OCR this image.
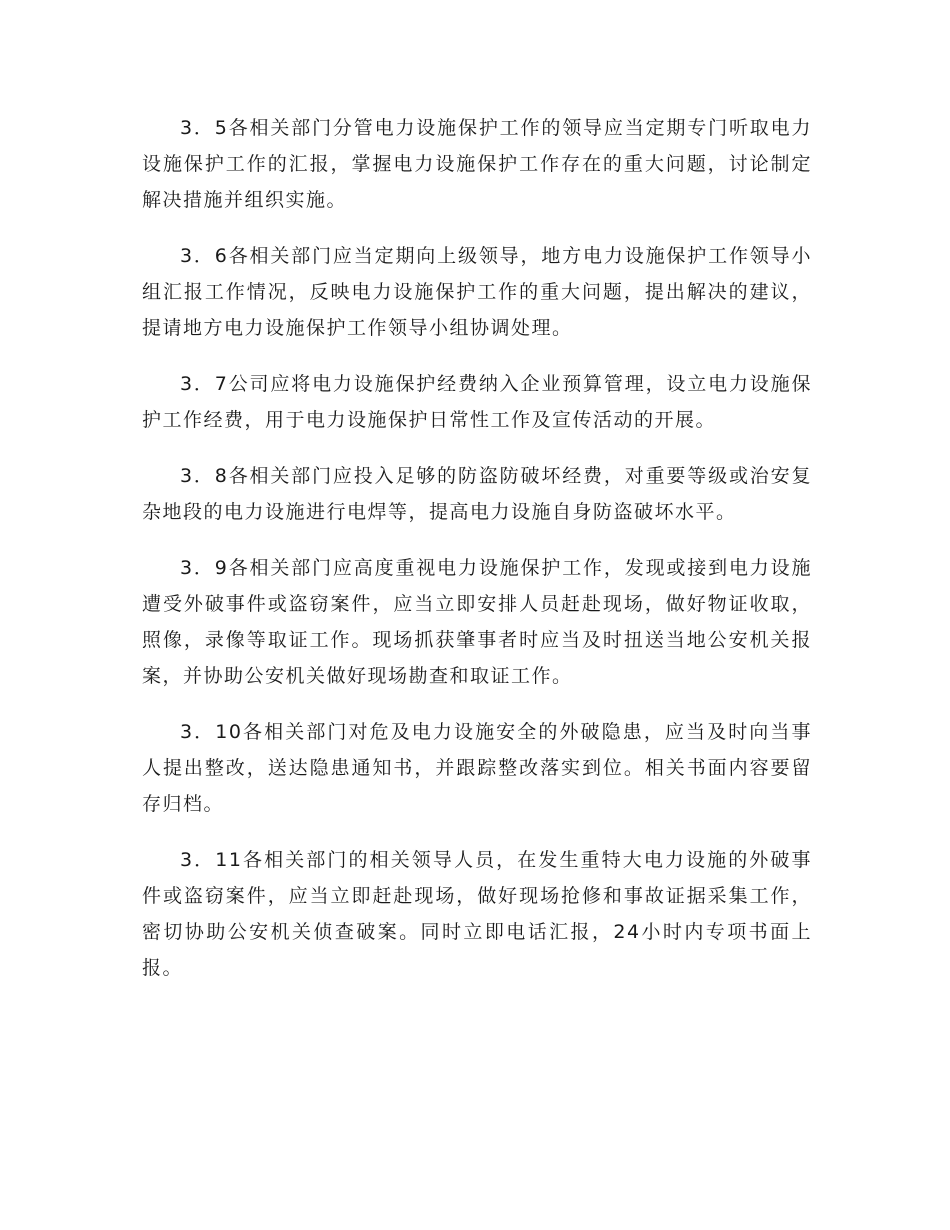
3．5各相关部门分管电力设施保护工作的领导应当定期专门听取电力设施保护工作的汇报，掌握电力设施保护工作存在的重大问题，讨论制定解决措施并组织实施。

3．6各相关部门应当定期向上级领导，地方电力设施保护工作领导小组汇报工作情况，反映电力设施保护工作的重大问题，提出解决的建议，提请地方电力设施保护工作领导小组协调处理。

3．7公司应将电力设施保护经费纳入企业预算管理，设立电力设施保护工作经费，用于电力设施保护日常性工作及宣传活动的开展。

3．8各相关部门应投入足够的防盗防破坏经费，对重要等级或治安复杂地段的电力设施进行电焊等，提高电力设施自身防盗破坏水平。

3．9各相关部门应高度重视电力设施保护工作，发现或接到电力设施遭受外破事件或盗窃案件，应当立即安排人员赶赴现场，做好物证收取，照像，录像等取证工作。现场抓获肇事者时应当及时扭送当地公安机关报案，并协助公安机关做好现场勘查和取证工作。

3．10各相关部门对危及电力设施安全的外破隐患，应当及时向当事人提出整改，送达隐患通知书，并跟踪整改落实到位。相关书面内容要留存归档。

3．11各相关部门的相关领导人员，在发生重特大电力设施的外破事件或盗窃案件，应当立即赶赴现场，做好现场抢修和事故证据采集工作，密切协助公安机关侦查破案。同时立即电话汇报，24小时内专项书面上报。
